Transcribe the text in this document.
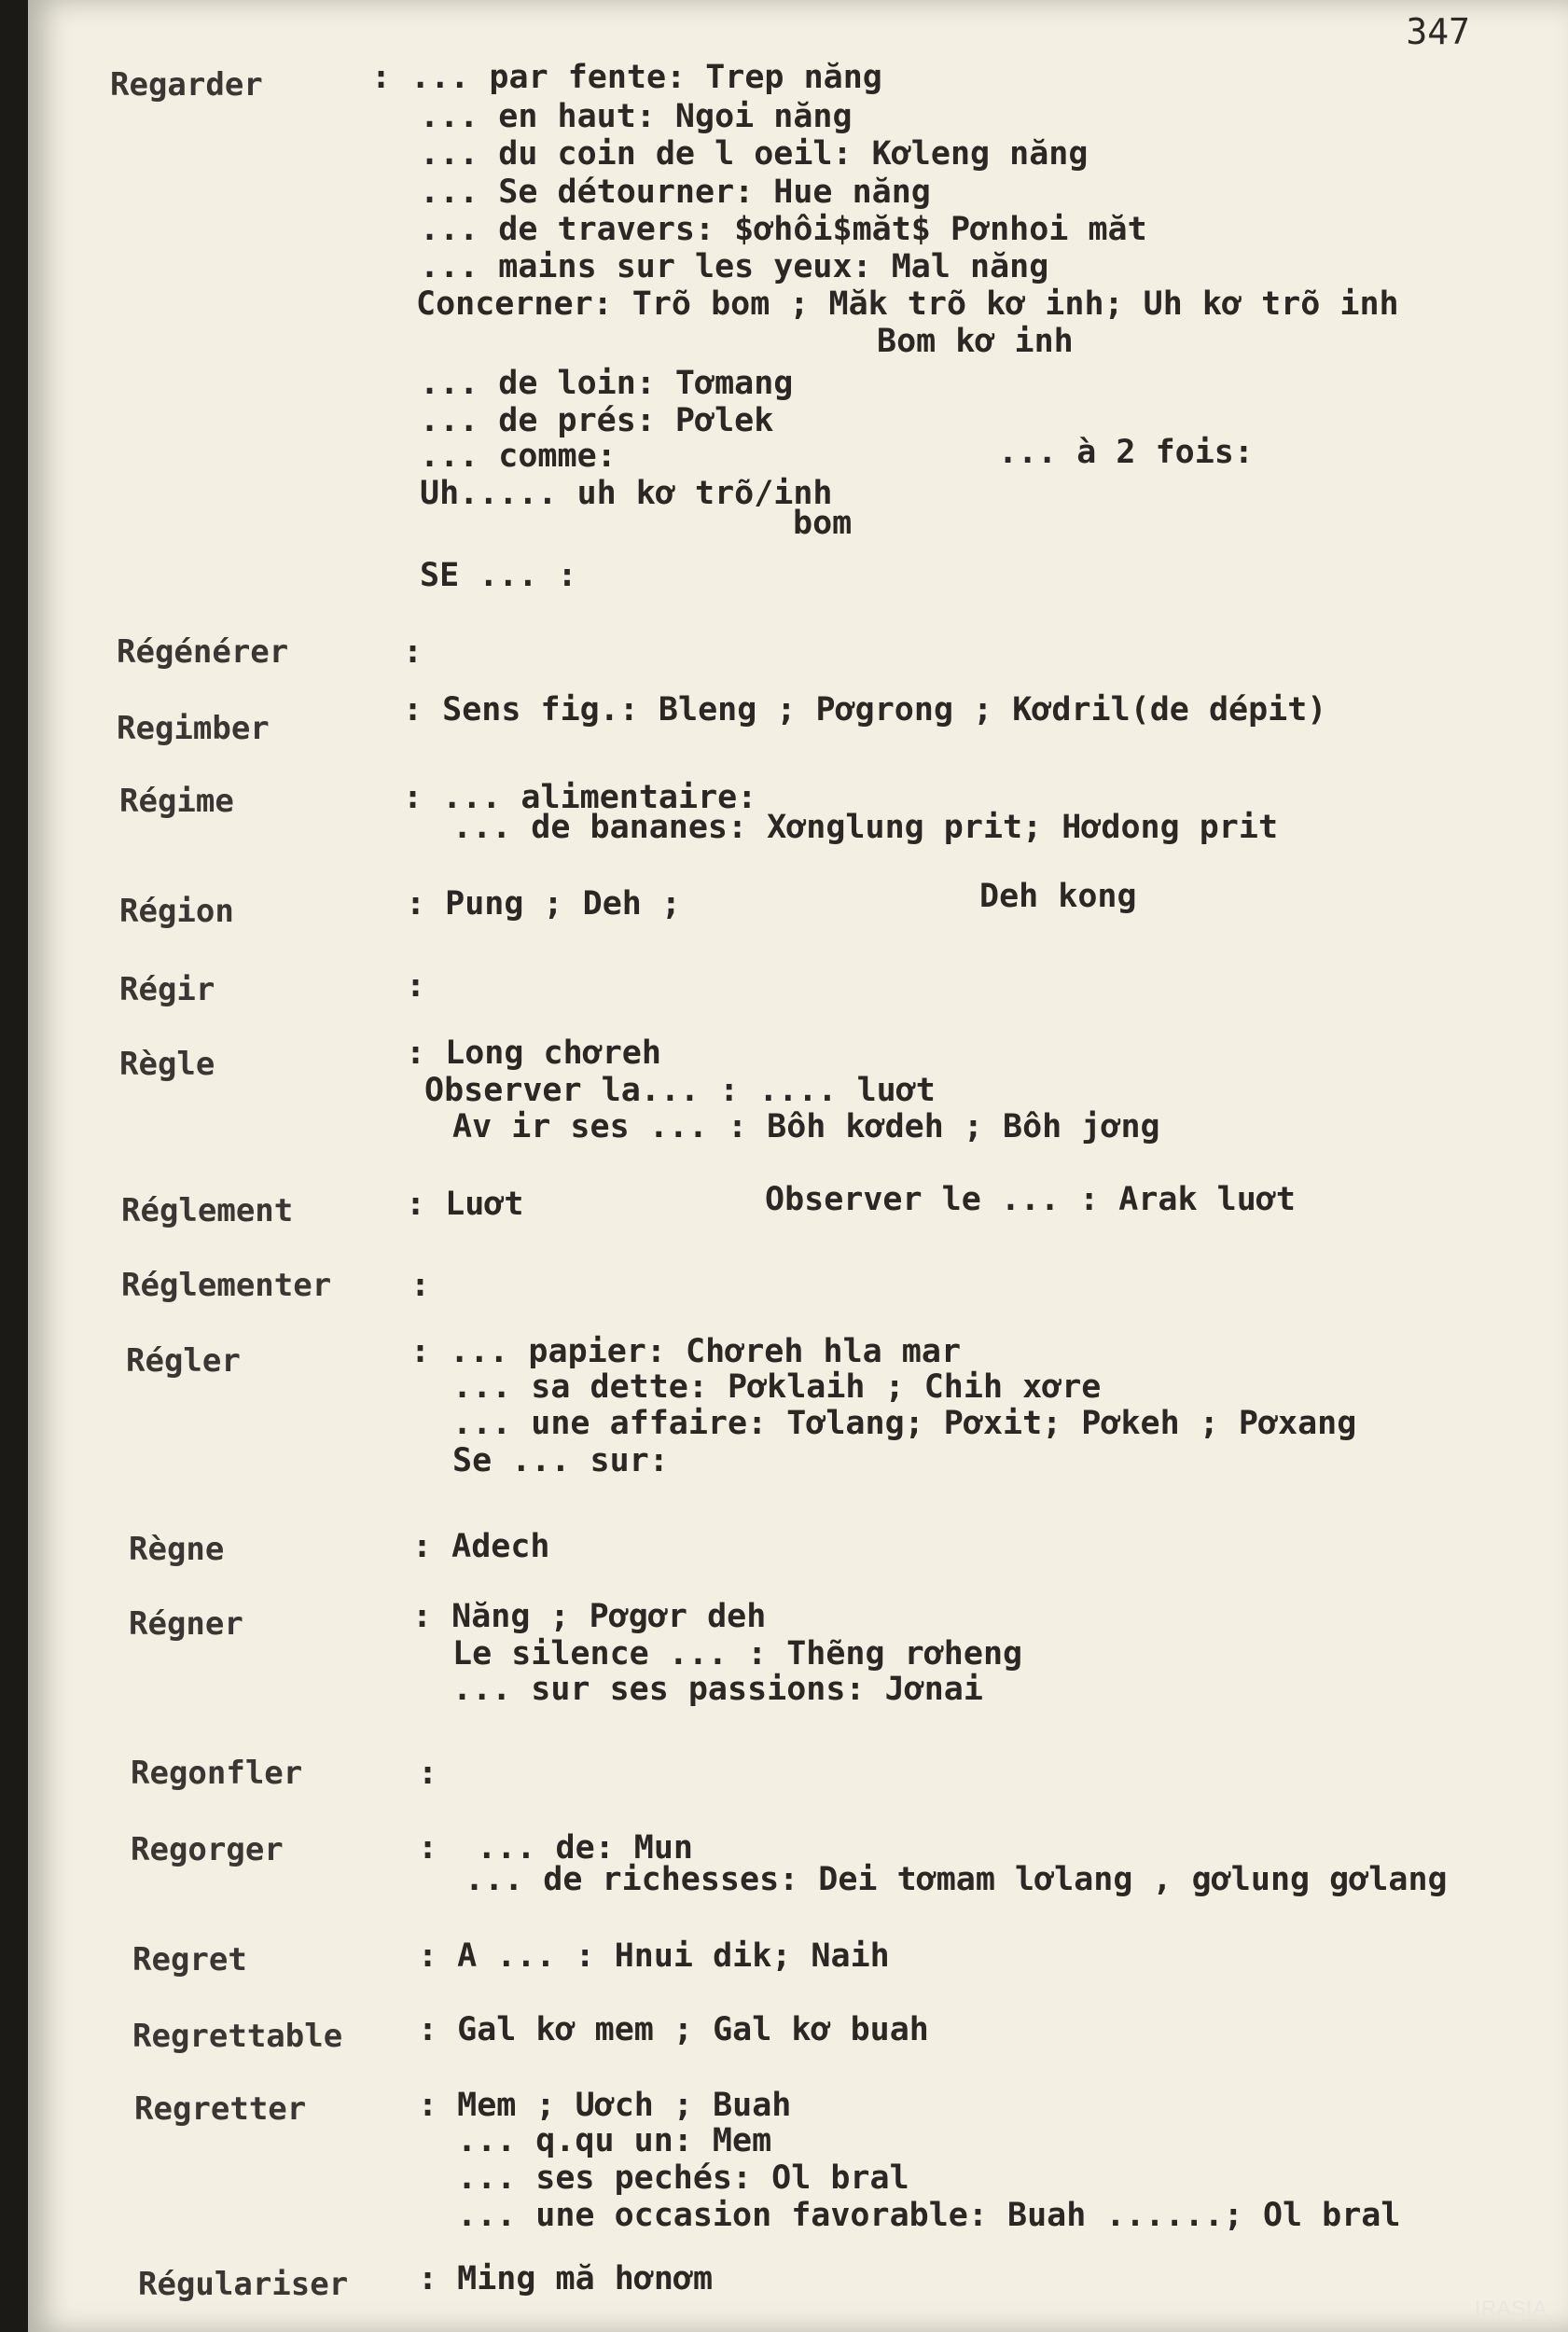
347
Regarder	: ... par fente: Trep năng
... en haut: Ngoi năng
... du coin de l oeil: Kơleng năng
... Se détourner: Hue năng
... de travers: $ơhôi$măt$ Pơnhoi măt
... mains sur les yeux: Mal năng
Concerner: Trõ bom ; Măk trõ kơ inh; Uh kơ trõ inh
Bom kơ inh
... de loin: Tơmang
... de prés: Pơlek
... comme:	... à 2 fois:
Uh..... uh kơ trõ/inh
bom
SE ... :
Régénérer	:
Regimber	: Sens fig.: Bleng ; Pơgrong ; Kơdril(de dépit)
Régime	: ... alimentaire:
... de bananes: Xơnglung prit; Hơdong prit
Région	: Pung ; Deh ;	Deh kong
Régir	:
Règle	: Long chơreh
Observer la... : .... luơt
Av ir ses ... : Bôh kơdeh ; Bôh jơng
Réglement	: Luơt	Observer le ... : Arak luơt
Réglementer :
Régler	: ... papier: Chơreh hla mar
... sa dette: Pơklaih ; Chih xơre
... une affaire: Tơlang; Pơxit; Pơkeh ; Pơxang
Se ... sur:
Règne	: Adech
Régner	: Năng ; Pơgơr deh
Le silence ... : Thẽng rơheng
... sur ses passions: Jơnai
Regonfler	:
Regorger	:  ... de: Mun
... de richesses: Dei tơmam lơlang , gơlung gơlang
Regret	: A ... : Hnui dik; Naih
Regrettable : Gal kơ mem ; Gal kơ buah
Regretter	: Mem ; Uơch ; Buah
... q.qu un: Mem
... ses pechés: Ol bral
... une occasion favorable: Buah ......; Ol bral
Régulariser : Ming mă hơnơm
IRASIA
